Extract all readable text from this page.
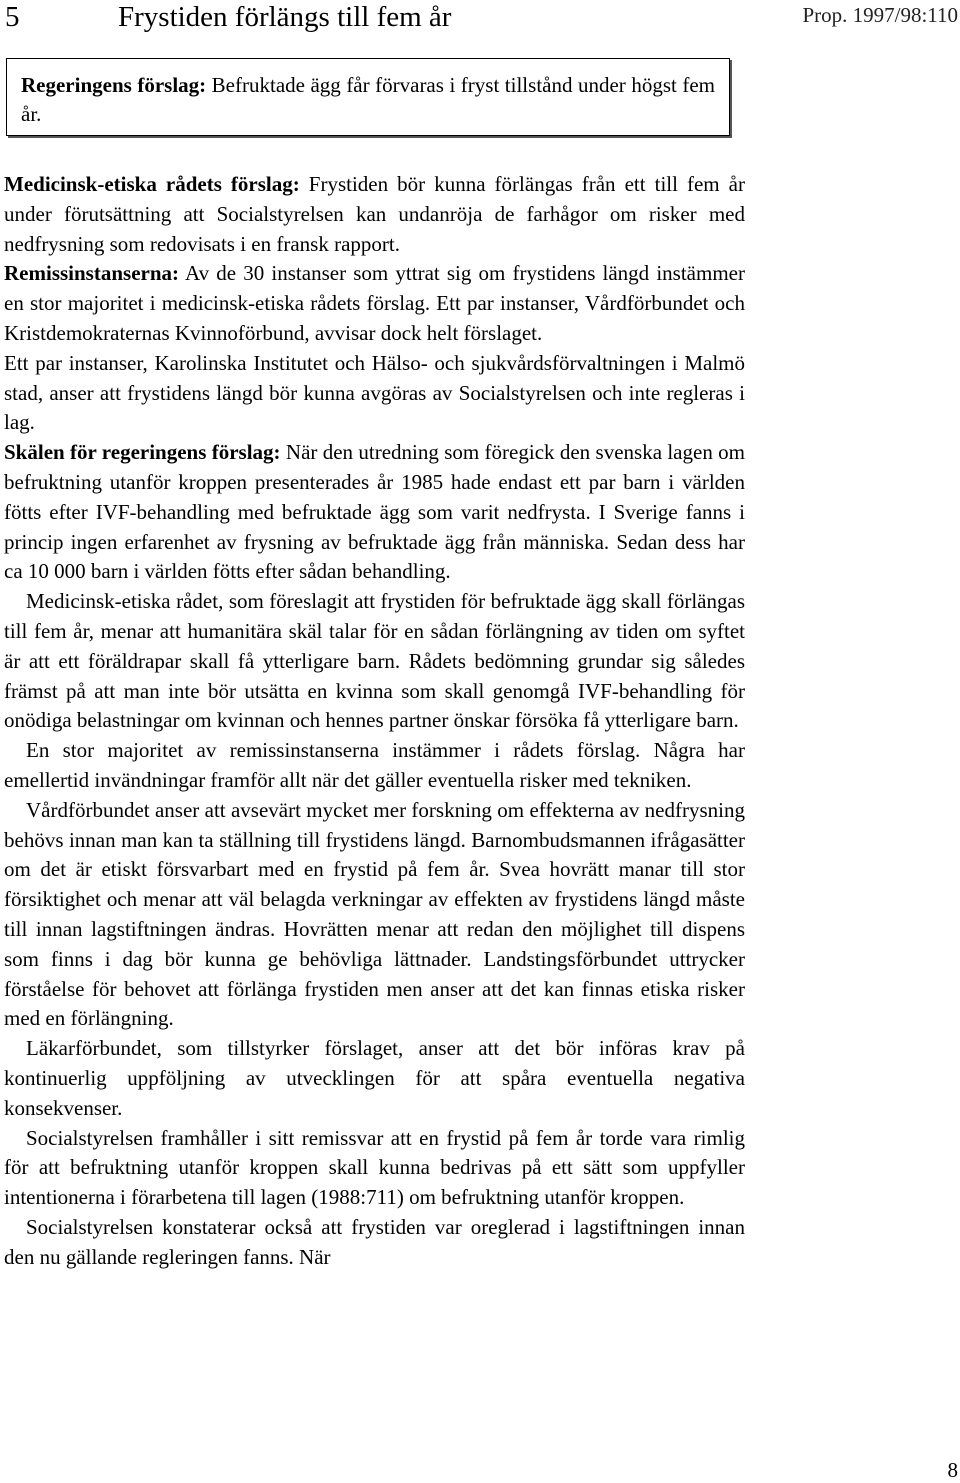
5	Frystiden förlängs till fem år	Prop. 1997/98:110
Regeringens förslag: Befruktade ägg får förvaras i fryst tillstånd under högst fem år.

Medicinsk-etiska rådets förslag: Frystiden bör kunna förlängas från ett till fem år under förutsättning att Socialstyrelsen kan undanröja de farhågor om risker med nedfrysning som redovisats i en fransk rapport.

Remissinstanserna: Av de 30 instanser som yttrat sig om frystidens längd instämmer en stor majoritet i medicinsk-etiska rådets förslag. Ett par instanser, Vårdförbundet och Kristdemokraternas Kvinnoförbund, avvisar dock helt förslaget.

Ett par instanser, Karolinska Institutet och Hälso- och sjukvårdsförvaltningen i Malmö stad, anser att frystidens längd bör kunna avgöras av Socialstyrelsen och inte regleras i lag.

Skälen för regeringens förslag: När den utredning som föregick den svenska lagen om befruktning utanför kroppen presenterades år 1985 hade endast ett par barn i världen fötts efter IVF-behandling med befruktade ägg som varit nedfrysta. I Sverige fanns i princip ingen erfarenhet av frysning av befruktade ägg från människa. Sedan dess har ca 10 000 barn i världen fötts efter sådan behandling.

Medicinsk-etiska rådet, som föreslagit att frystiden för befruktade ägg skall förlängas till fem år, menar att humanitära skäl talar för en sådan förlängning av tiden om syftet är att ett föräldrapar skall få ytterligare barn. Rådets bedömning grundar sig således främst på att man inte bör utsätta en kvinna som skall genomgå IVF-behandling för onödiga belastningar om kvinnan och hennes partner önskar försöka få ytterligare barn.

En stor majoritet av remissinstanserna instämmer i rådets förslag. Några har emellertid invändningar framför allt när det gäller eventuella risker med tekniken.

Vårdförbundet anser att avsevärt mycket mer forskning om effekterna av nedfrysning behövs innan man kan ta ställning till frystidens längd. Barnombudsmannen ifrågasätter om det är etiskt försvarbart med en frystid på fem år. Svea hovrätt manar till stor försiktighet och menar att väl belagda verkningar av effekten av frystidens längd måste till innan lagstiftningen ändras. Hovrätten menar att redan den möjlighet till dispens som finns i dag bör kunna ge behövliga lättnader. Landstingsförbundet uttrycker förståelse för behovet att förlänga frystiden men anser att det kan finnas etiska risker med en förlängning.

Läkarförbundet, som tillstyrker förslaget, anser att det bör införas krav på kontinuerlig uppföljning av utvecklingen för att spåra eventuella negativa konsekvenser.

Socialstyrelsen framhåller i sitt remissvar att en frystid på fem år torde vara rimlig för att befruktning utanför kroppen skall kunna bedrivas på ett sätt som uppfyller intentionerna i förarbetena till lagen (1988:711) om befruktning utanför kroppen.

Socialstyrelsen konstaterar också att frystiden var oreglerad i lagstiftningen innan den nu gällande regleringen fanns. När

8
